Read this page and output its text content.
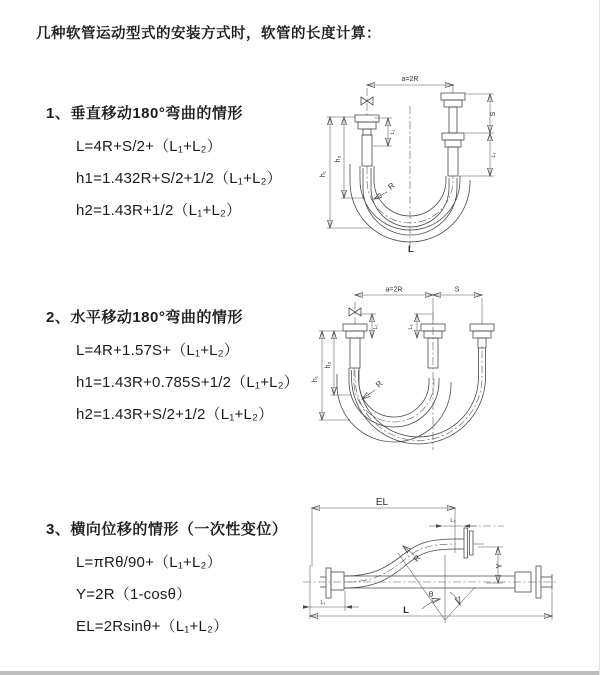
几种软管运动型式的安装方式时，软管的长度计算：
1、垂直移动180°弯曲的情形
L=4R+S/2+（L₁+L₂）
h1=1.432R+S/2+1/2（L₁+L₂）
h2=1.43R+1/2（L₁+L₂）
2、水平移动180°弯曲的情形
L=4R+1.57S+（L₁+L₂）
h1=1.43R+0.785S+1/2（L₁+L₂）
h2=1.43R+S/2+1/2（L₁+L₂）
3、横向位移的情形（一次性变位）
L=πRθ/90+（L₁+L₂）
Y=2R（1-cosθ）
EL=2Rsinθ+（L₁+L₂）
a=2R
h₁
h₂
L₁
S
L₂
R
L
a=2R	S
h₁
h₂
L₁	L₂
R
EL
L₂
Y
R
θ
L₁
L
